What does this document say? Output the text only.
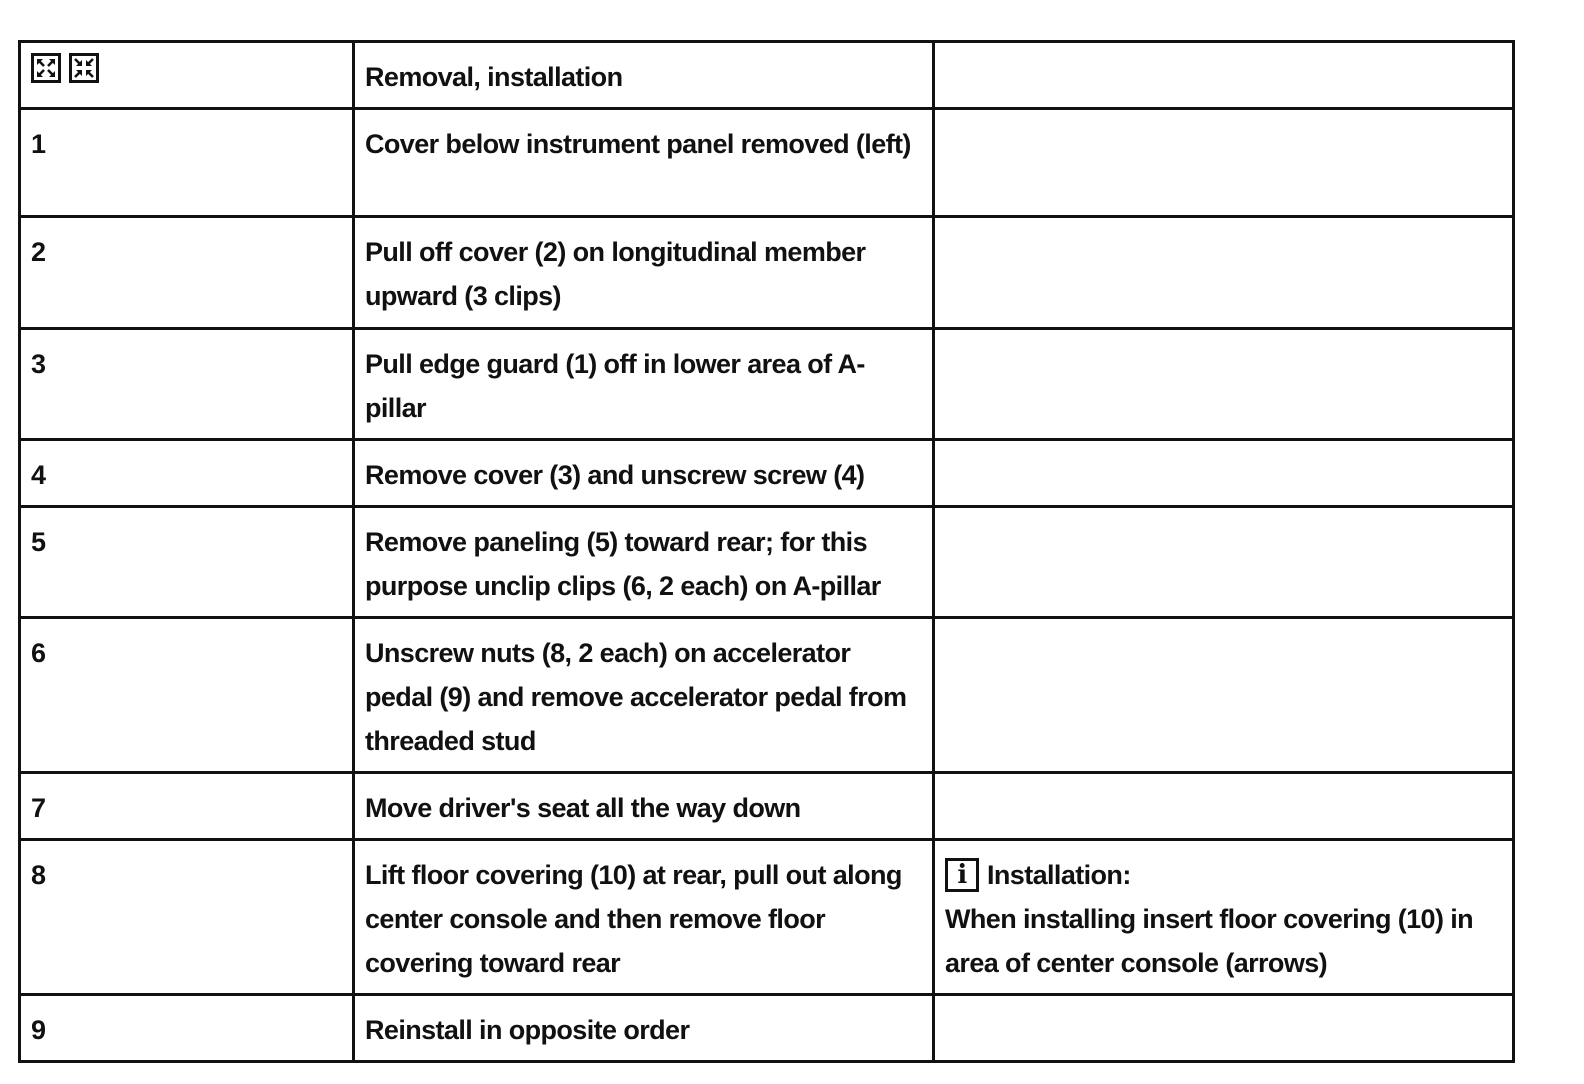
	Removal, installation	
1	Cover below instrument panel removed (left)	
2	Pull off cover (2) on longitudinal member upward (3 clips)	
3	Pull edge guard (1) off in lower area of A-pillar	
4	Remove cover (3) and unscrew screw (4)	
5	Remove paneling (5) toward rear; for this purpose unclip clips (6, 2 each) on A-pillar	
6	Unscrew nuts (8, 2 each) on accelerator pedal (9) and remove accelerator pedal from threaded stud	
7	Move driver's seat all the way down	
8	Lift floor covering (10) at rear, pull out along center console and then remove floor covering toward rear	i Installation:
When installing insert floor covering (10) in area of center console (arrows)

9	Reinstall in opposite order	
